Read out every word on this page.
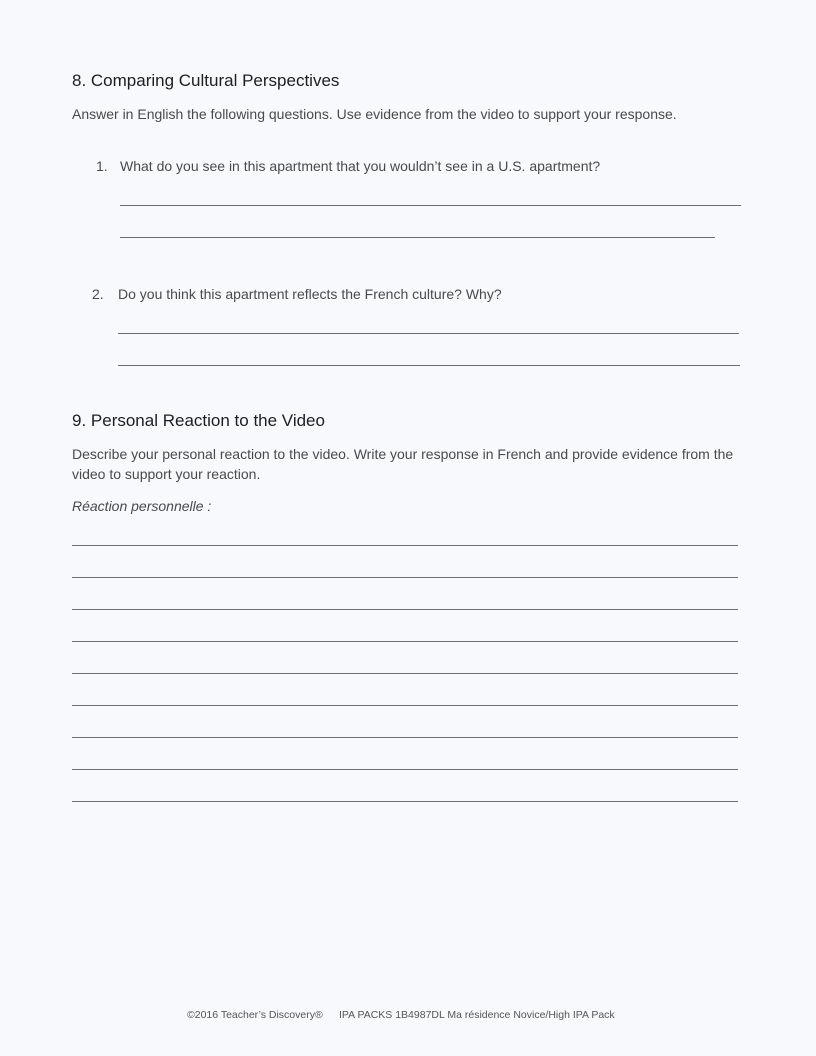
8. Comparing Cultural Perspectives
Answer in English the following questions. Use evidence from the video to support your response.
1. What do you see in this apartment that you wouldn’t see in a U.S. apartment?
2. Do you think this apartment reflects the French culture? Why?
9. Personal Reaction to the Video
Describe your personal reaction to the video. Write your response in French and provide evidence from the video to support your reaction.
Réaction personnelle :
©2016 Teacher’s Discovery® IPA PACKS 1B4987DL Ma résidence Novice/High IPA Pack
